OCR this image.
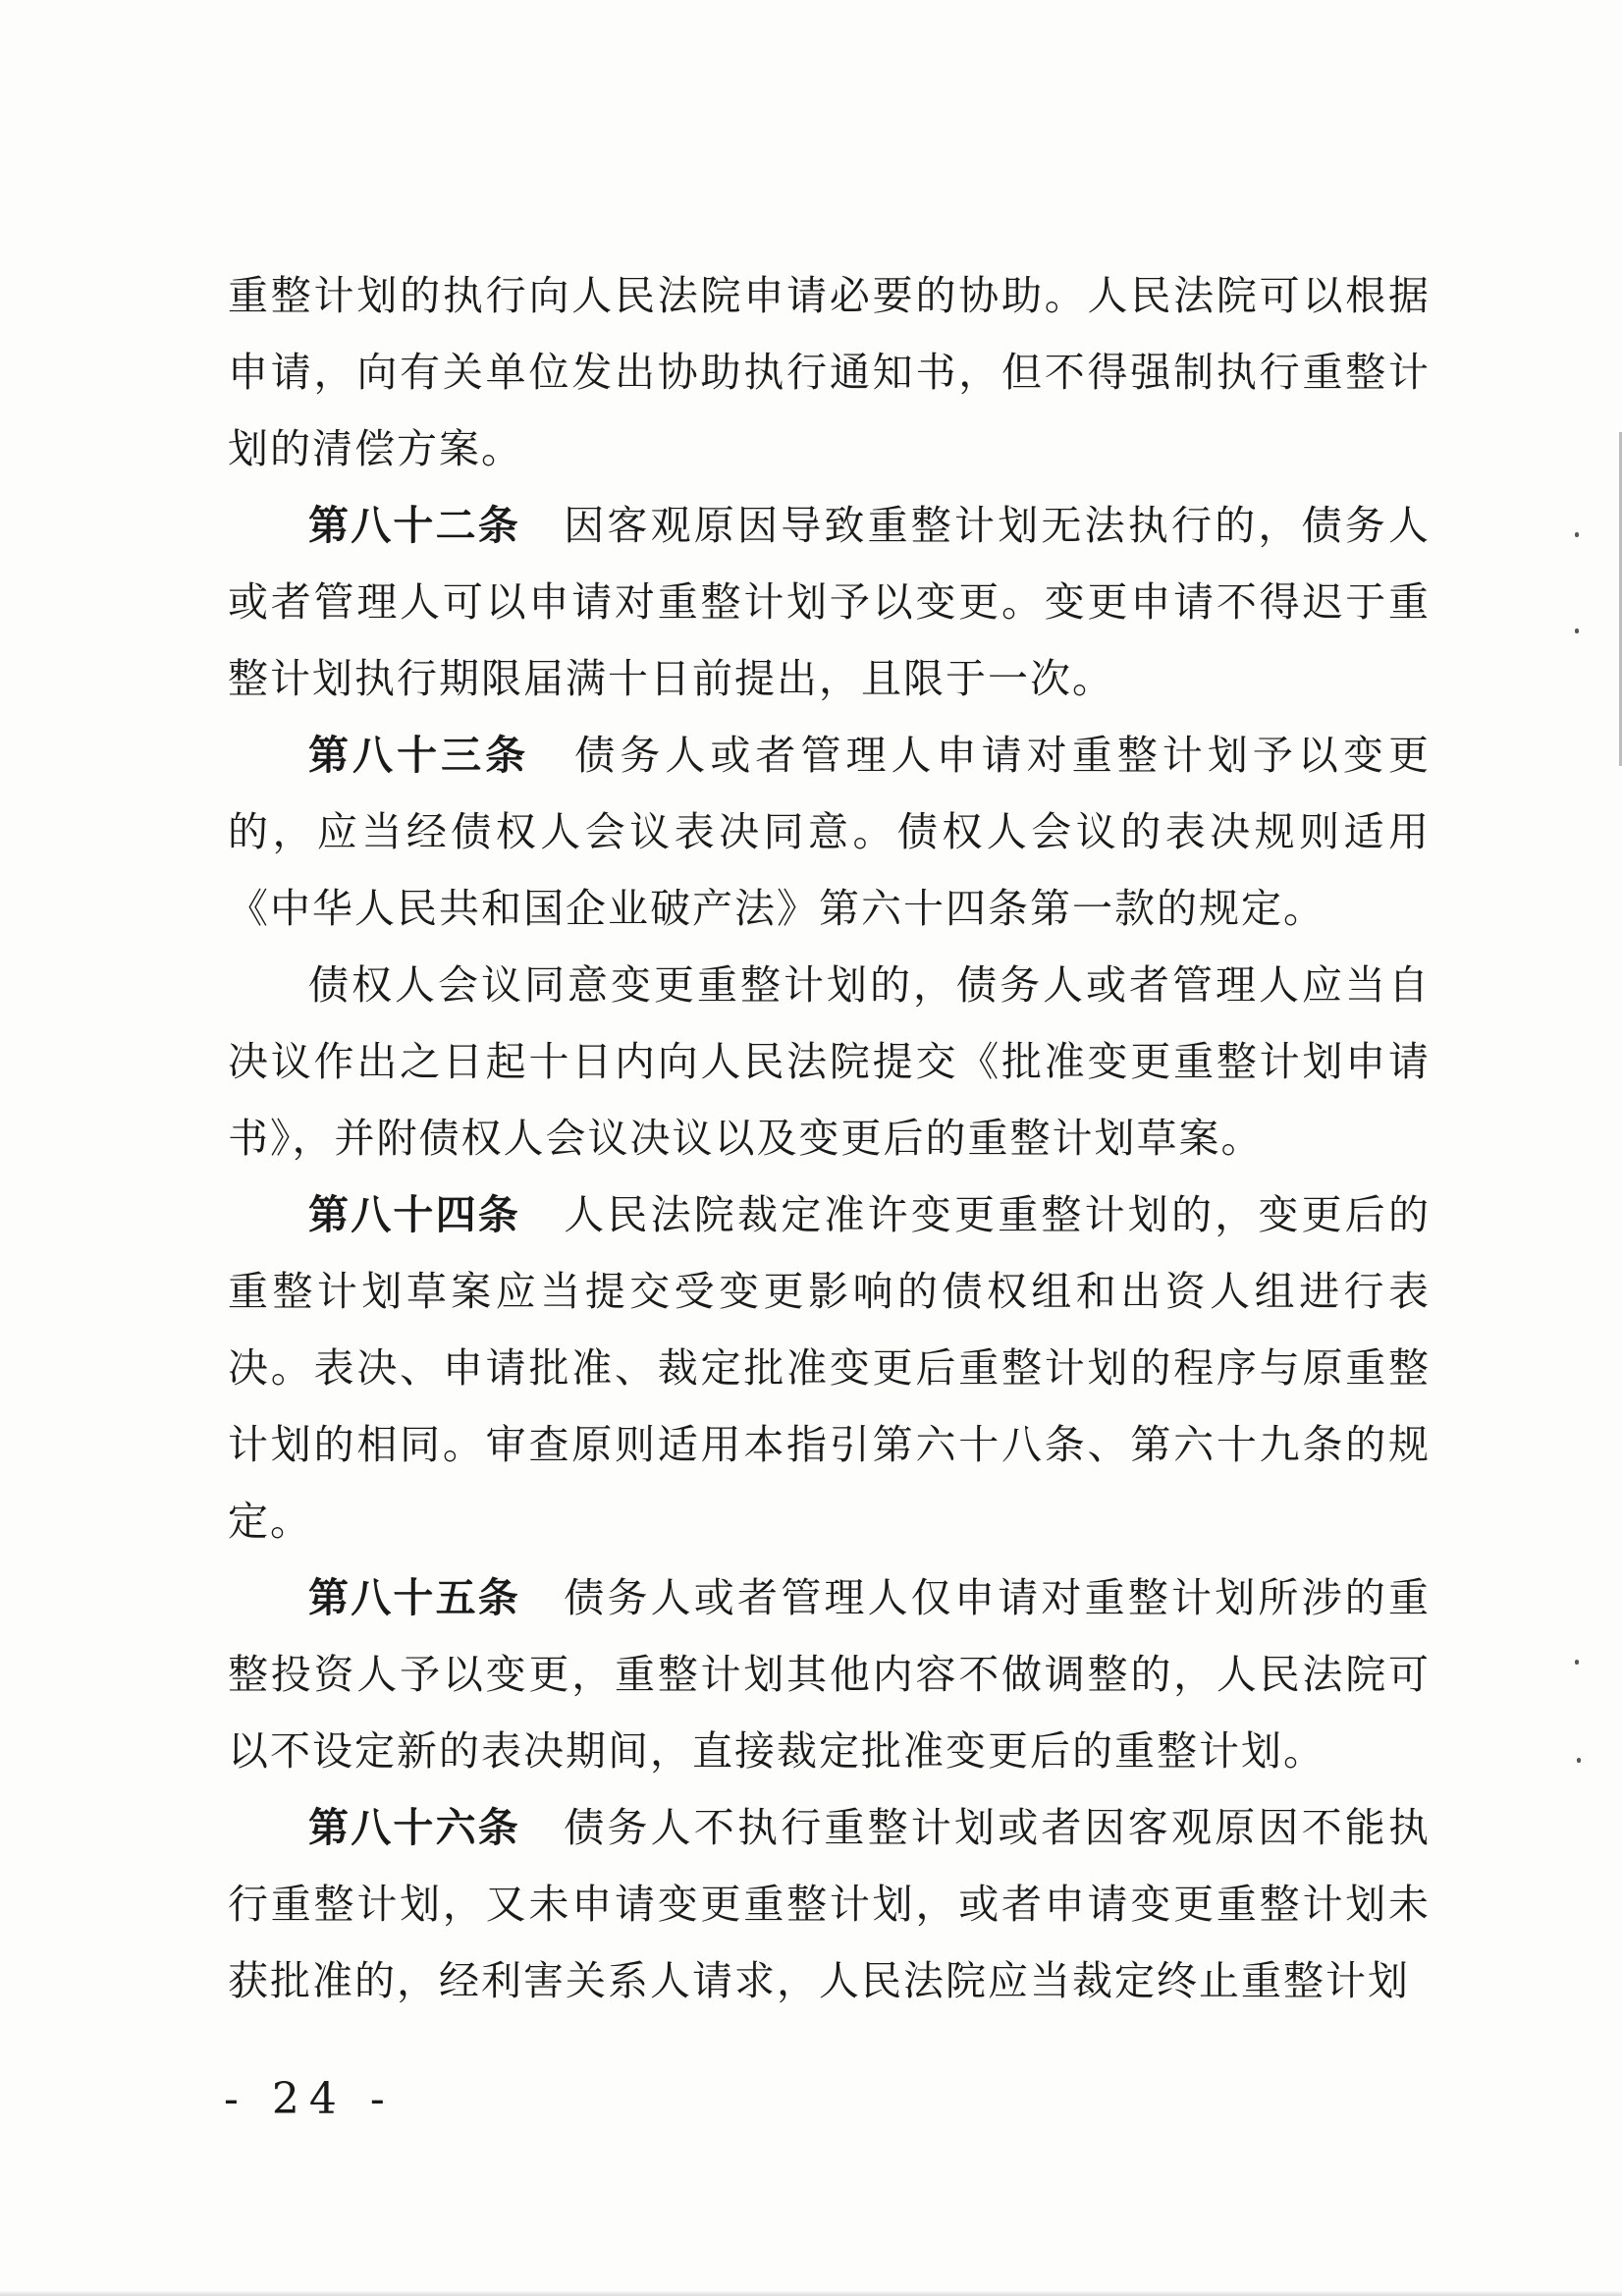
重整计划的执行向人民法院申请必要的协助。人民法院可以根据申请，向有关单位发出协助执行通知书，但不得强制执行重整计划的清偿方案。

第八十二条　 因客观原因导致重整计划无法执行的，债务人或者管理人可以申请对重整计划予以变更。变更申请不得迟于重整计划执行期限届满十日前提出，且限于一次。

第八十三条　 债务人或者管理人申请对重整计划予以变更的，应当经债权人会议表决同意。债权人会议的表决规则适用《中华人民共和国企业破产法》第六十四条第一款的规定。

债权人会议同意变更重整计划的，债务人或者管理人应当自决议作出之日起十日内向人民法院提交《批准变更重整计划申请书》，并附债权人会议决议以及变更后的重整计划草案。

第八十四条　 人民法院裁定准许变更重整计划的，变更后的重整计划草案应当提交受变更影响的债权组和出资人组进行表决。表决、申请批准、裁定批准变更后重整计划的程序与原重整计划的相同。审查原则适用本指引第六十八条、第六十九条的规定。

第八十五条　 债务人或者管理人仅申请对重整计划所涉的重整投资人予以变更，重整计划其他内容不做调整的，人民法院可以不设定新的表决期间，直接裁定批准变更后的重整计划。

第八十六条　 债务人不执行重整计划或者因客观原因不能执行重整计划，又未申请变更重整计划，或者申请变更重整计划未获批准的，经利害关系人请求，人民法院应当裁定终止重整计划

- 24 -
